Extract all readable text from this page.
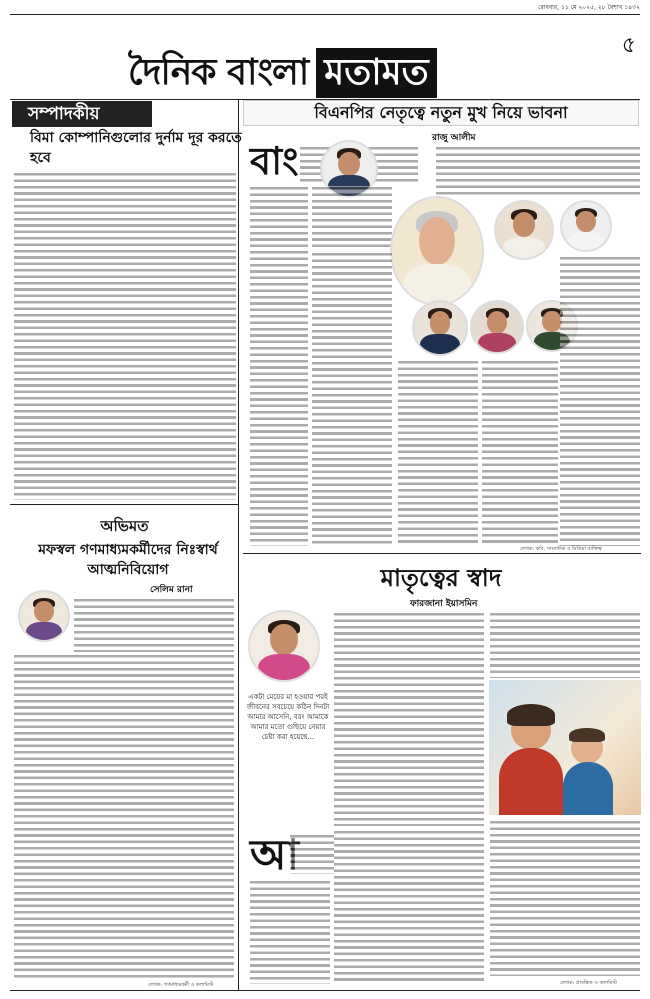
রোববার, ১১ মে ২০২৫, ২৮ বৈশাখ ১৪৩২
৫
দৈনিক বাংলা মতামত
সম্পাদকীয়
বিমা কোম্পানিগুলোর দুর্নাম দূর করতে হবে
বিএনপির নেতৃত্বে নতুন মুখ নিয়ে ভাবনা
রাজু আলীম
বাং
লেখক: কবি, সাংবাদিক ও মিডিয়া ব্যক্তিত্ব
অভিমত
মফস্বল গণমাধ্যমকর্মীদের নিঃস্বার্থ আত্মনিবিয়োগ
সেলিম রানা
লেখক: গণমাধ্যমকর্মী ও কলামিস্ট
মাতৃত্বের স্বাদ
ফারজানা ইয়াসমিন
একটা মেয়ের মা হওয়ার পরই জীবনের সবচেয়ে কঠিন দিনটা আমার আসেনি, বরং আমাকে আমার মতো গুছিয়ে নেয়ার চেষ্টা করা হয়েছে...
আ
লেখক: প্রাবন্ধিক ও কলামিস্ট
